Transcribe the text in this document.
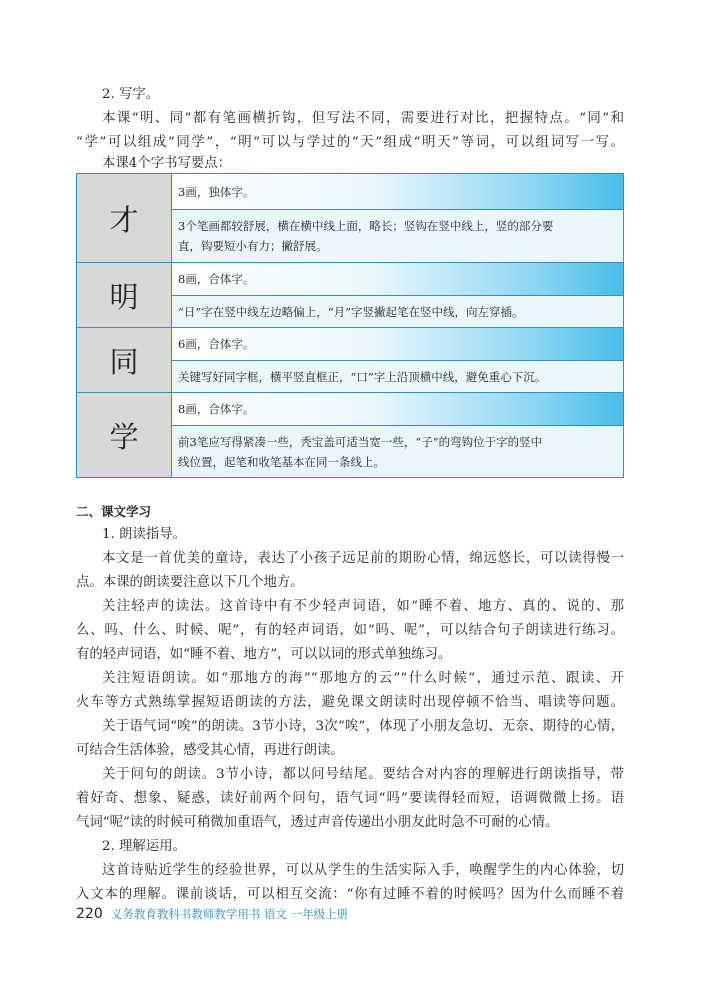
2. 写字。
本课“明、同”都有笔画横折钩，但写法不同，需要进行对比，把握特点。“同”和
“学”可以组成“同学”，“明”可以与学过的“天”组成“明天”等词，可以组词写一写。
本课4个字书写要点：
才
3画，独体字。
3个笔画都较舒展，横在横中线上面，略长；竖钩在竖中线上，竖的部分要
直，钩要短小有力；撇舒展。
明
8画，合体字。
“日”字在竖中线左边略偏上，“月”字竖撇起笔在竖中线，向左穿插。
同
6画，合体字。
关键写好同字框，横平竖直框正，“口”字上沿顶横中线，避免重心下沉。
学
8画，合体字。
前3笔应写得紧凑一些，秃宝盖可适当宽一些，“子”的弯钩位于字的竖中
线位置，起笔和收笔基本在同一条线上。
二、课文学习
1. 朗读指导。
本文是一首优美的童诗，表达了小孩子远足前的期盼心情，绵远悠长，可以读得慢一
点。本课的朗读要注意以下几个地方。
关注轻声的读法。这首诗中有不少轻声词语，如“睡不着、地方、真的、说的、那
么、吗、什么、时候、呢”，有的轻声词语，如“吗、呢”，可以结合句子朗读进行练习。
有的轻声词语，如“睡不着、地方”，可以以词的形式单独练习。
关注短语朗读。如“那地方的海”“那地方的云”“什么时候”，通过示范、跟读、开
火车等方式熟练掌握短语朗读的方法，避免课文朗读时出现停顿不恰当、唱读等问题。
关于语气词“唉”的朗读。3节小诗，3次“唉”，体现了小朋友急切、无奈、期待的心情，
可结合生活体验，感受其心情，再进行朗读。
关于问句的朗读。3节小诗，都以问号结尾。要结合对内容的理解进行朗读指导，带
着好奇、想象、疑惑，读好前两个问句，语气词“吗”要读得轻而短，语调微微上扬。语
气词“呢”读的时候可稍微加重语气，透过声音传递出小朋友此时急不可耐的心情。
2. 理解运用。
这首诗贴近学生的经验世界，可以从学生的生活实际入手，唤醒学生的内心体验，切
入文本的理解。课前谈话，可以相互交流：“你有过睡不着的时候吗？因为什么而睡不着
220 义务教育教科书教师教学用书 语文 一年级上册
